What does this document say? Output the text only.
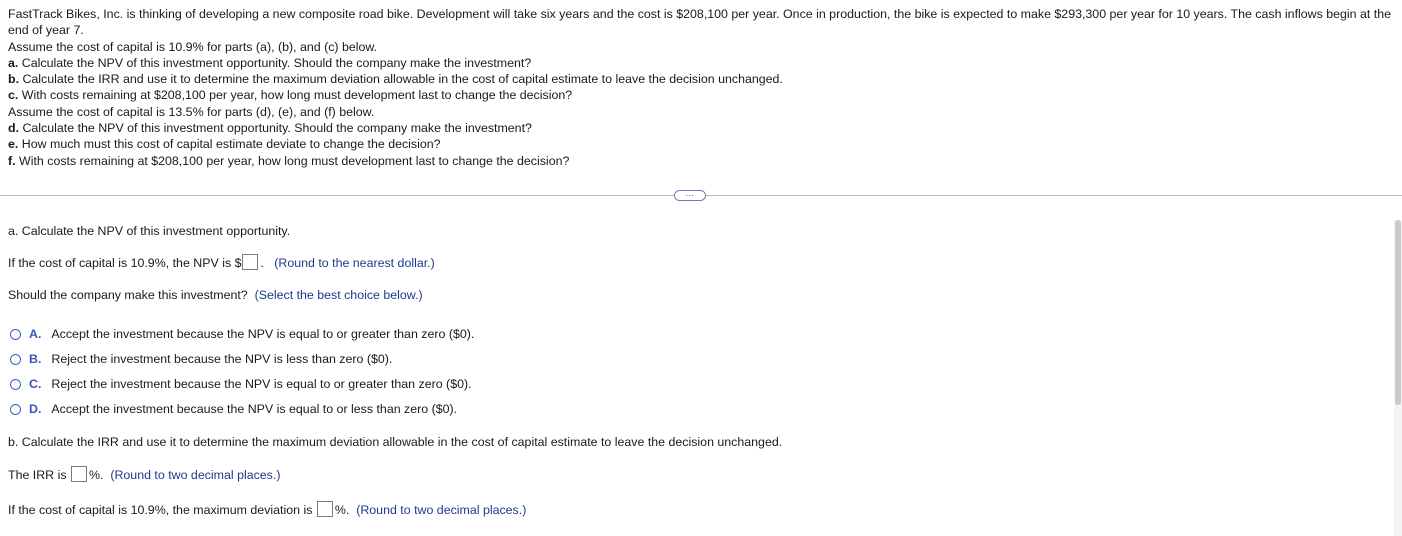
FastTrack Bikes, Inc. is thinking of developing a new composite road bike. Development will take six years and the cost is $208,100 per year. Once in production, the bike is expected to make $293,300 per year for 10 years. The cash inflows begin at the end of year 7.

Assume the cost of capital is 10.9% for parts (a), (b), and (c) below.

a. Calculate the NPV of this investment opportunity. Should the company make the investment?

b. Calculate the IRR and use it to determine the maximum deviation allowable in the cost of capital estimate to leave the decision unchanged.

c. With costs remaining at $208,100 per year, how long must development last to change the decision?

Assume the cost of capital is 13.5% for parts (d), (e), and (f) below.

d. Calculate the NPV of this investment opportunity. Should the company make the investment?

e. How much must this cost of capital estimate deviate to change the decision?

f. With costs remaining at $208,100 per year, how long must development last to change the decision?

…
a. Calculate the NPV of this investment opportunity.
If the cost of capital is 10.9%, the NPV is $ . (Round to the nearest dollar.)
Should the company make this investment? (Select the best choice below.)
A. Accept the investment because the NPV is equal to or greater than zero ($0).
B. Reject the investment because the NPV is less than zero ($0).
C. Reject the investment because the NPV is equal to or greater than zero ($0).
D. Accept the investment because the NPV is equal to or less than zero ($0).
b. Calculate the IRR and use it to determine the maximum deviation allowable in the cost of capital estimate to leave the decision unchanged.
The IRR is %. (Round to two decimal places.)
If the cost of capital is 10.9%, the maximum deviation is %. (Round to two decimal places.)
